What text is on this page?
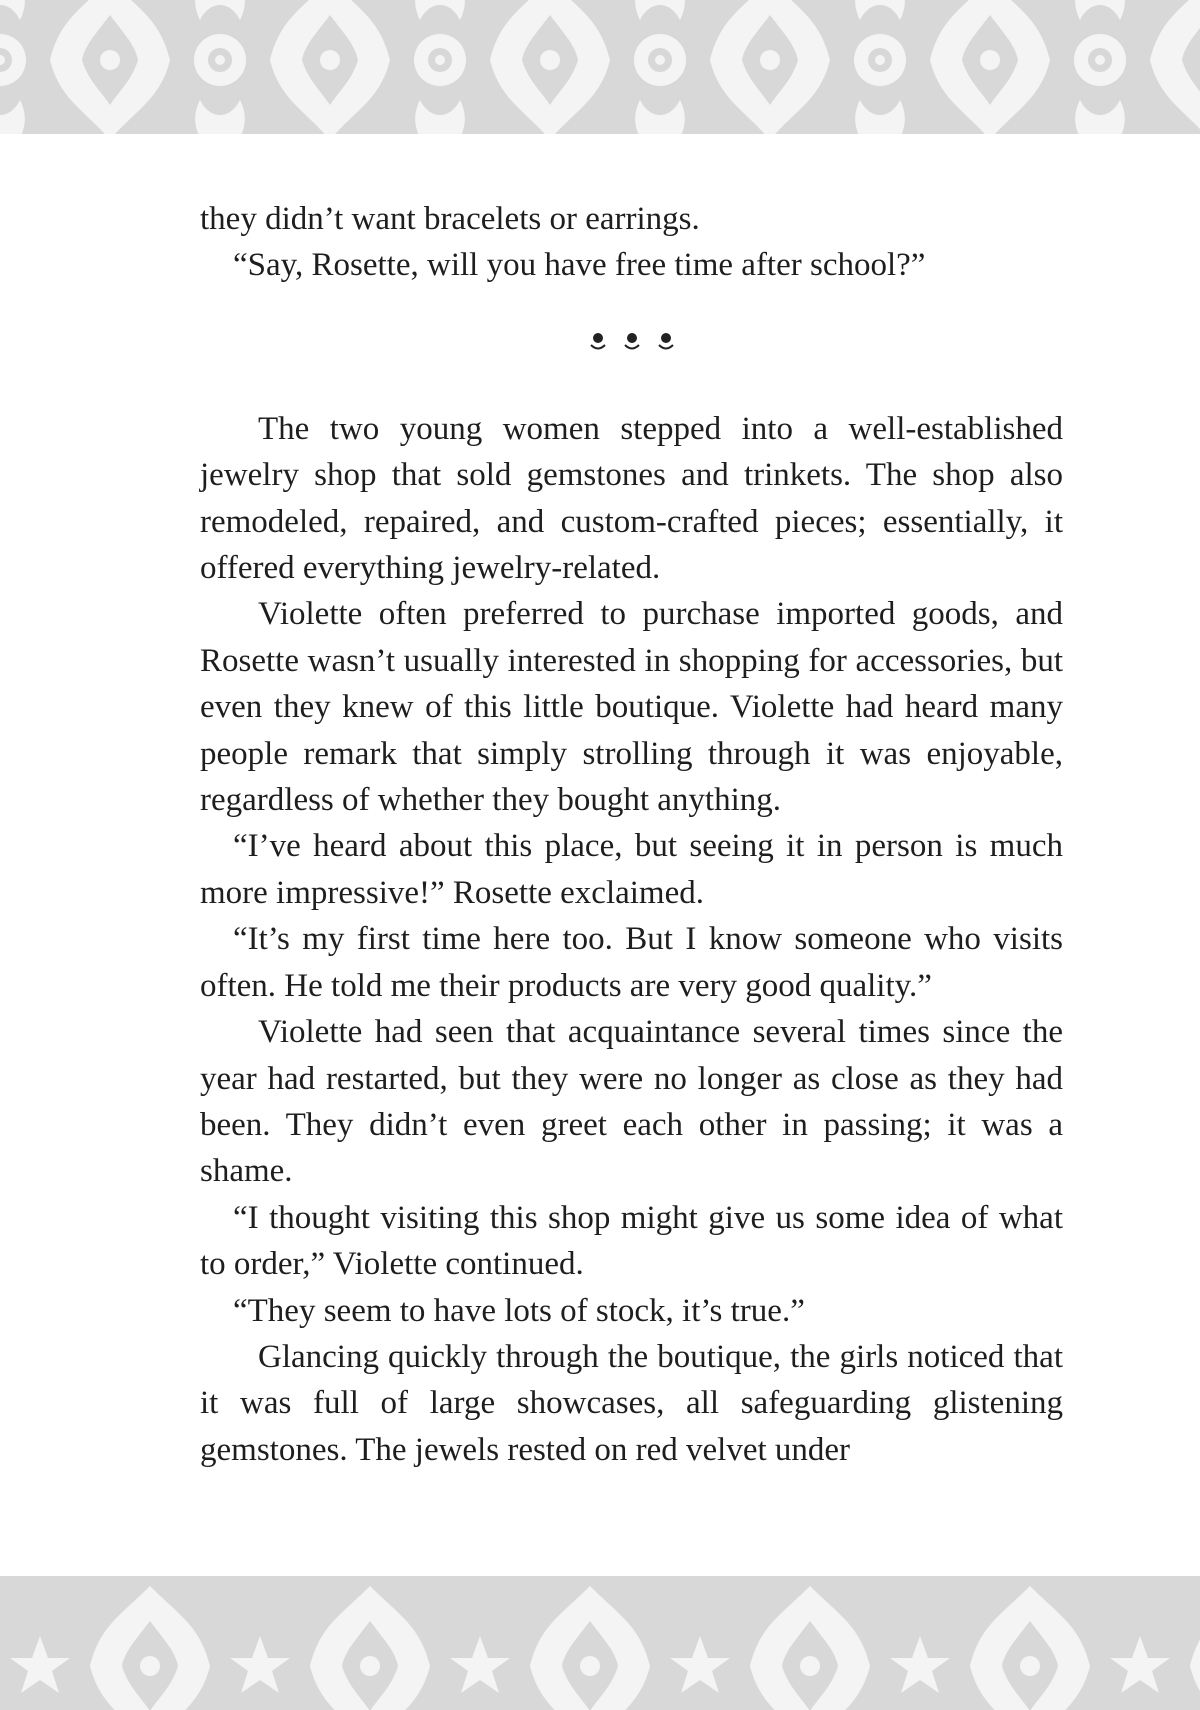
they didn’t want bracelets or earrings.

“Say, Rosette, will you have free time after school?”

The two young women stepped into a well-established jewelry shop that sold gemstones and trinkets. The shop also remodeled, repaired, and custom-crafted pieces; essentially, it offered everything jewelry-related.

Violette often preferred to purchase imported goods, and Rosette wasn’t usually interested in shopping for accessories, but even they knew of this little boutique. Violette had heard many people remark that simply strolling through it was enjoyable, regardless of whether they bought anything.

“I’ve heard about this place, but seeing it in person is much more impressive!” Rosette exclaimed.

“It’s my first time here too. But I know someone who visits often. He told me their products are very good quality.”

Violette had seen that acquaintance several times since the year had restarted, but they were no longer as close as they had been. They didn’t even greet each other in passing; it was a shame.

“I thought visiting this shop might give us some idea of what to order,” Violette continued.

“They seem to have lots of stock, it’s true.”

Glancing quickly through the boutique, the girls noticed that it was full of large showcases, all safeguarding glistening gemstones. The jewels rested on red velvet under
